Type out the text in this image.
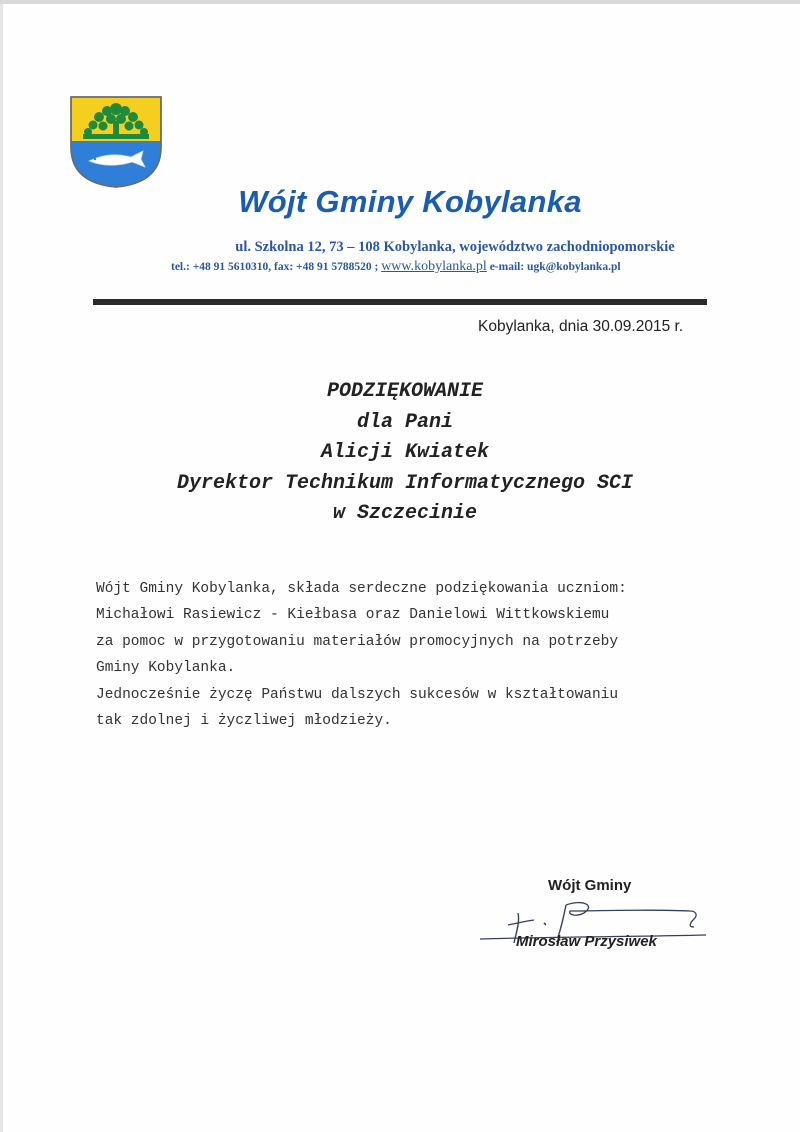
Wójt Gminy Kobylanka
ul. Szkolna 12, 73 – 108 Kobylanka, województwo zachodniopomorskie
tel.: +48 91 5610310, fax: +48 91 5788520 ; www.kobylanka.pl e-mail: ugk@kobylanka.pl
Kobylanka, dnia 30.09.2015 r.
PODZIĘKOWANIE
dla Pani
Alicji Kwiatek
Dyrektor Technikum Informatycznego SCI
w Szczecinie
Wójt Gminy Kobylanka, składa serdeczne podziękowania uczniom:
Michałowi Rasiewicz - Kiełbasa oraz Danielowi Wittkowskiemu
za pomoc w przygotowaniu materiałów promocyjnych na potrzeby
Gminy Kobylanka.
Jednocześnie życzę Państwu dalszych sukcesów w kształtowaniu
tak zdolnej i życzliwej młodzieży.
Wójt Gminy
Mirosław Przysiwek
